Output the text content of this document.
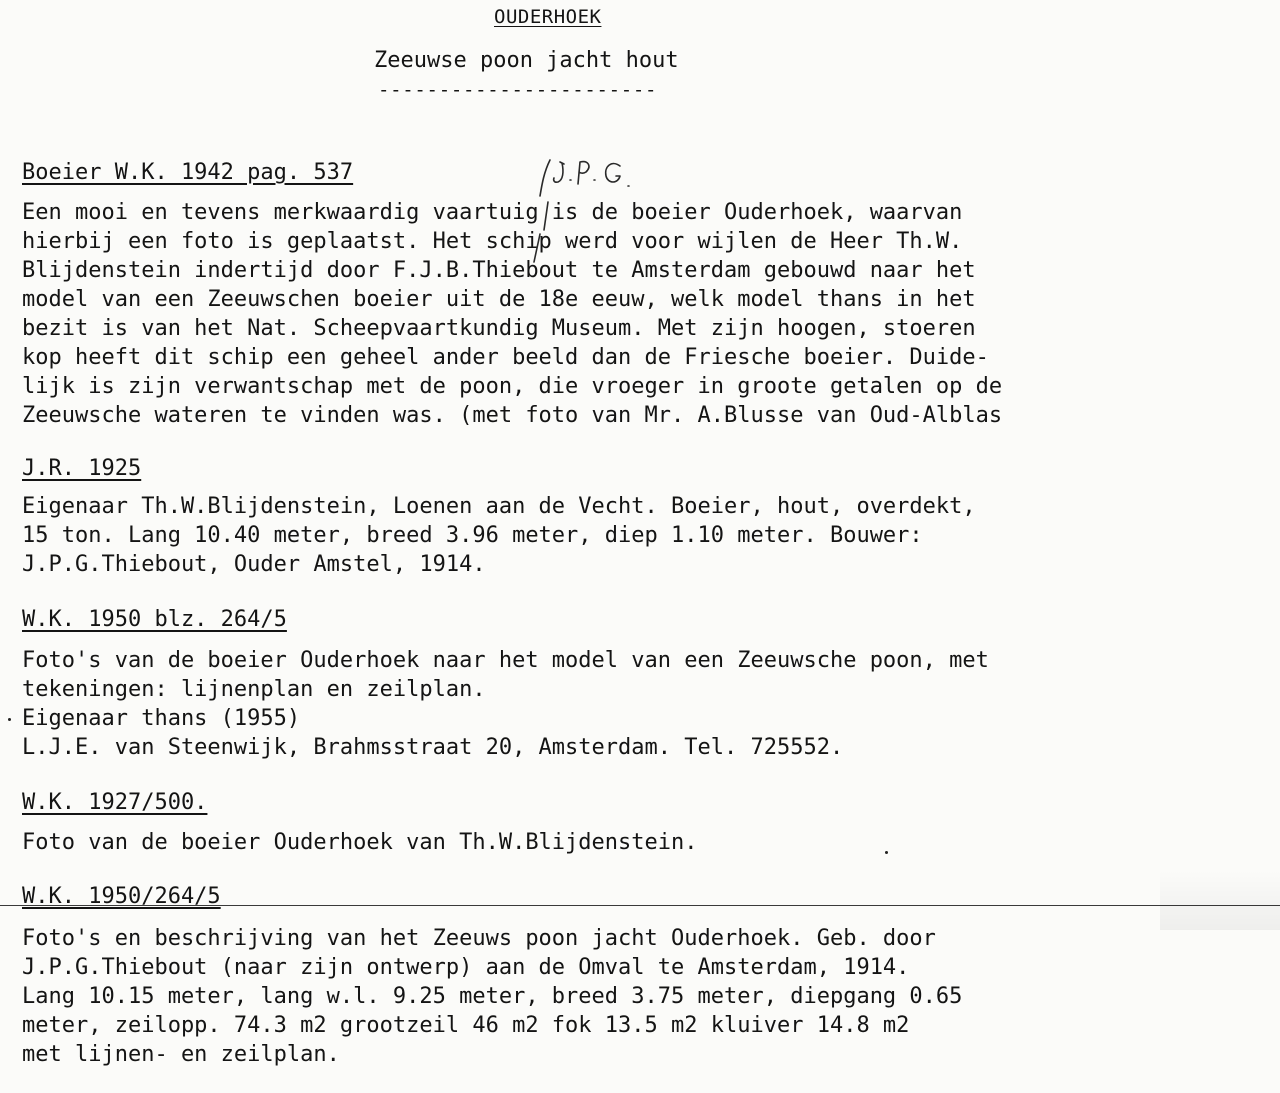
OUDERHOEK
Zeeuwse poon jacht hout
-----------------------
Boeier W.K. 1942 pag. 537
Een mooi en tevens merkwaardig vaartuig is de boeier Ouderhoek, waarvan
hierbij een foto is geplaatst. Het schip werd voor wijlen de Heer Th.W.
Blijdenstein indertijd door F.J.B.Thiebout te Amsterdam gebouwd naar het
model van een Zeeuwschen boeier uit de 18e eeuw, welk model thans in het
bezit is van het Nat. Scheepvaartkundig Museum. Met zijn hoogen, stoeren
kop heeft dit schip een geheel ander beeld dan de Friesche boeier. Duide-
lijk is zijn verwantschap met de poon, die vroeger in groote getalen op de
Zeeuwsche wateren te vinden was. (met foto van Mr. A.Blusse van Oud-Alblas
J.R. 1925
Eigenaar Th.W.Blijdenstein, Loenen aan de Vecht. Boeier, hout, overdekt,
15 ton. Lang 10.40 meter, breed 3.96 meter, diep 1.10 meter. Bouwer:
J.P.G.Thiebout, Ouder Amstel, 1914.
W.K. 1950 blz. 264/5
Foto's van de boeier Ouderhoek naar het model van een Zeeuwsche poon, met
tekeningen: lijnenplan en zeilplan.
Eigenaar thans (1955)
L.J.E. van Steenwijk, Brahmsstraat 20, Amsterdam. Tel. 725552.
W.K. 1927/500.
Foto van de boeier Ouderhoek van Th.W.Blijdenstein.
W.K. 1950/264/5
Foto's en beschrijving van het Zeeuws poon jacht Ouderhoek. Geb. door
J.P.G.Thiebout (naar zijn ontwerp) aan de Omval te Amsterdam, 1914.
Lang 10.15 meter, lang w.l. 9.25 meter, breed 3.75 meter, diepgang 0.65
meter, zeilopp. 74.3 m2 grootzeil 46 m2 fok 13.5 m2 kluiver 14.8 m2
met lijnen- en zeilplan.
